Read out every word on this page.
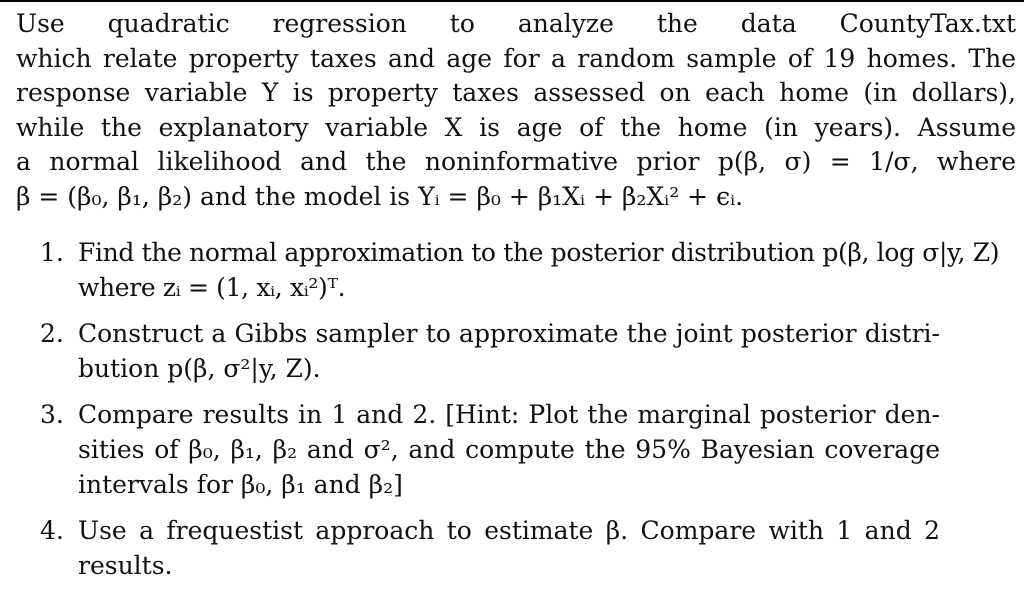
Use quadratic regression to analyze the data CountyTax.txt
which relate property taxes and age for a random sample of 19 homes. The
response variable Y is property taxes assessed on each home (in dollars),
while the explanatory variable X is age of the home (in years). Assume
a normal likelihood and the noninformative prior p(β, σ) = 1/σ, where
β = (β₀, β₁, β₂) and the model is Yᵢ = β₀ + β₁Xᵢ + β₂Xᵢ² + ϵᵢ.
1. Find the normal approximation to the posterior distribution p(β, log σ|y, Z)
where zᵢ = (1, xᵢ, xᵢ²)ᵀ.
2. Construct a Gibbs sampler to approximate the joint posterior distri-
bution p(β, σ²|y, Z).
3. Compare results in 1 and 2. [Hint: Plot the marginal posterior den-
sities of β₀, β₁, β₂ and σ², and compute the 95% Bayesian coverage
intervals for β₀, β₁ and β₂]
4. Use a frequestist approach to estimate β. Compare with 1 and 2
results.
